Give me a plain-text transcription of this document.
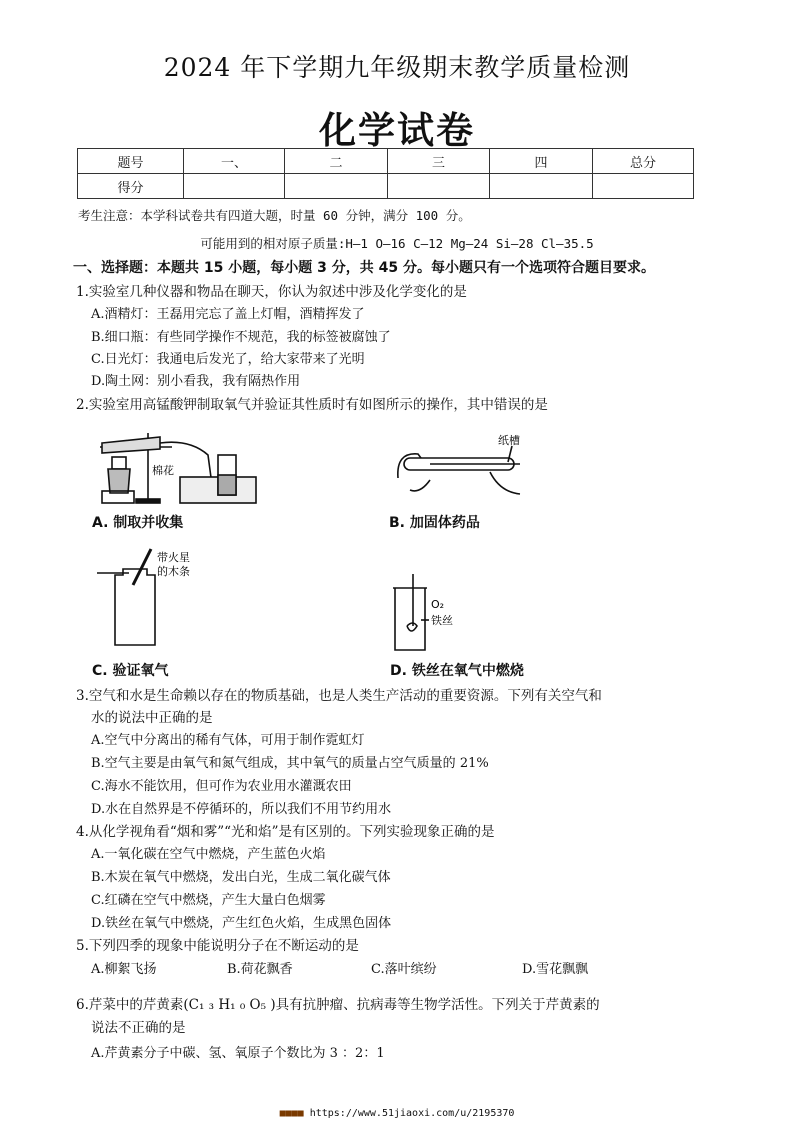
2024 年下学期九年级期末教学质量检测
化学试卷
题号	一、	二	三	四	总分
得分					
考生注意：本学科试卷共有四道大题，时量 60 分钟，满分 100 分。
可能用到的相对原子质量:H—1 O—16 C—12 Mg—24 Si—28 Cl—35.5
一、选择题：本题共 15 小题，每小题 3 分，共 45 分。每小题只有一个选项符合题目要求。
1.实验室几种仪器和物品在聊天，你认为叙述中涉及化学变化的是
A.酒精灯：王磊用完忘了盖上灯帽，酒精挥发了
B.细口瓶：有些同学操作不规范，我的标签被腐蚀了
C.日光灯：我通电后发光了，给大家带来了光明
D.陶土网：别小看我，我有隔热作用
2.实验室用高锰酸钾制取氧气并验证其性质时有如图所示的操作，其中错误的是
棉花
A. 制取并收集
纸槽
B. 加固体药品
带火星
的木条
C. 验证氧气
O₂
铁丝
D. 铁丝在氧气中燃烧
3.空气和水是生命赖以存在的物质基础，也是人类生产活动的重要资源。下列有关空气和
水的说法中正确的是
A.空气中分离出的稀有气体，可用于制作霓虹灯
B.空气主要是由氧气和氮气组成，其中氧气的质量占空气质量的 21%
C.海水不能饮用，但可作为农业用水灌溉农田
D.水在自然界是不停循环的，所以我们不用节约用水
4.从化学视角看“烟和雾”“光和焰”是有区别的。下列实验现象正确的是
A.一氧化碳在空气中燃烧，产生蓝色火焰
B.木炭在氧气中燃烧，发出白光，生成二氧化碳气体
C.红磷在空气中燃烧，产生大量白色烟雾
D.铁丝在氧气中燃烧，产生红色火焰，生成黑色固体
5.下列四季的现象中能说明分子在不断运动的是
A.柳絮飞扬	B.荷花飘香	C.落叶缤纷	D.雪花飘飘
6.芹菜中的芹黄素(C₁ ₃ H₁ ₀ O₅ )具有抗肿瘤、抗病毒等生物学活性。下列关于芹黄素的
说法不正确的是
A.芹黄素分子中碳、氢、氧原子个数比为 3 ：2：1
■■■■ https://www.51jiaoxi.com/u/2195370
